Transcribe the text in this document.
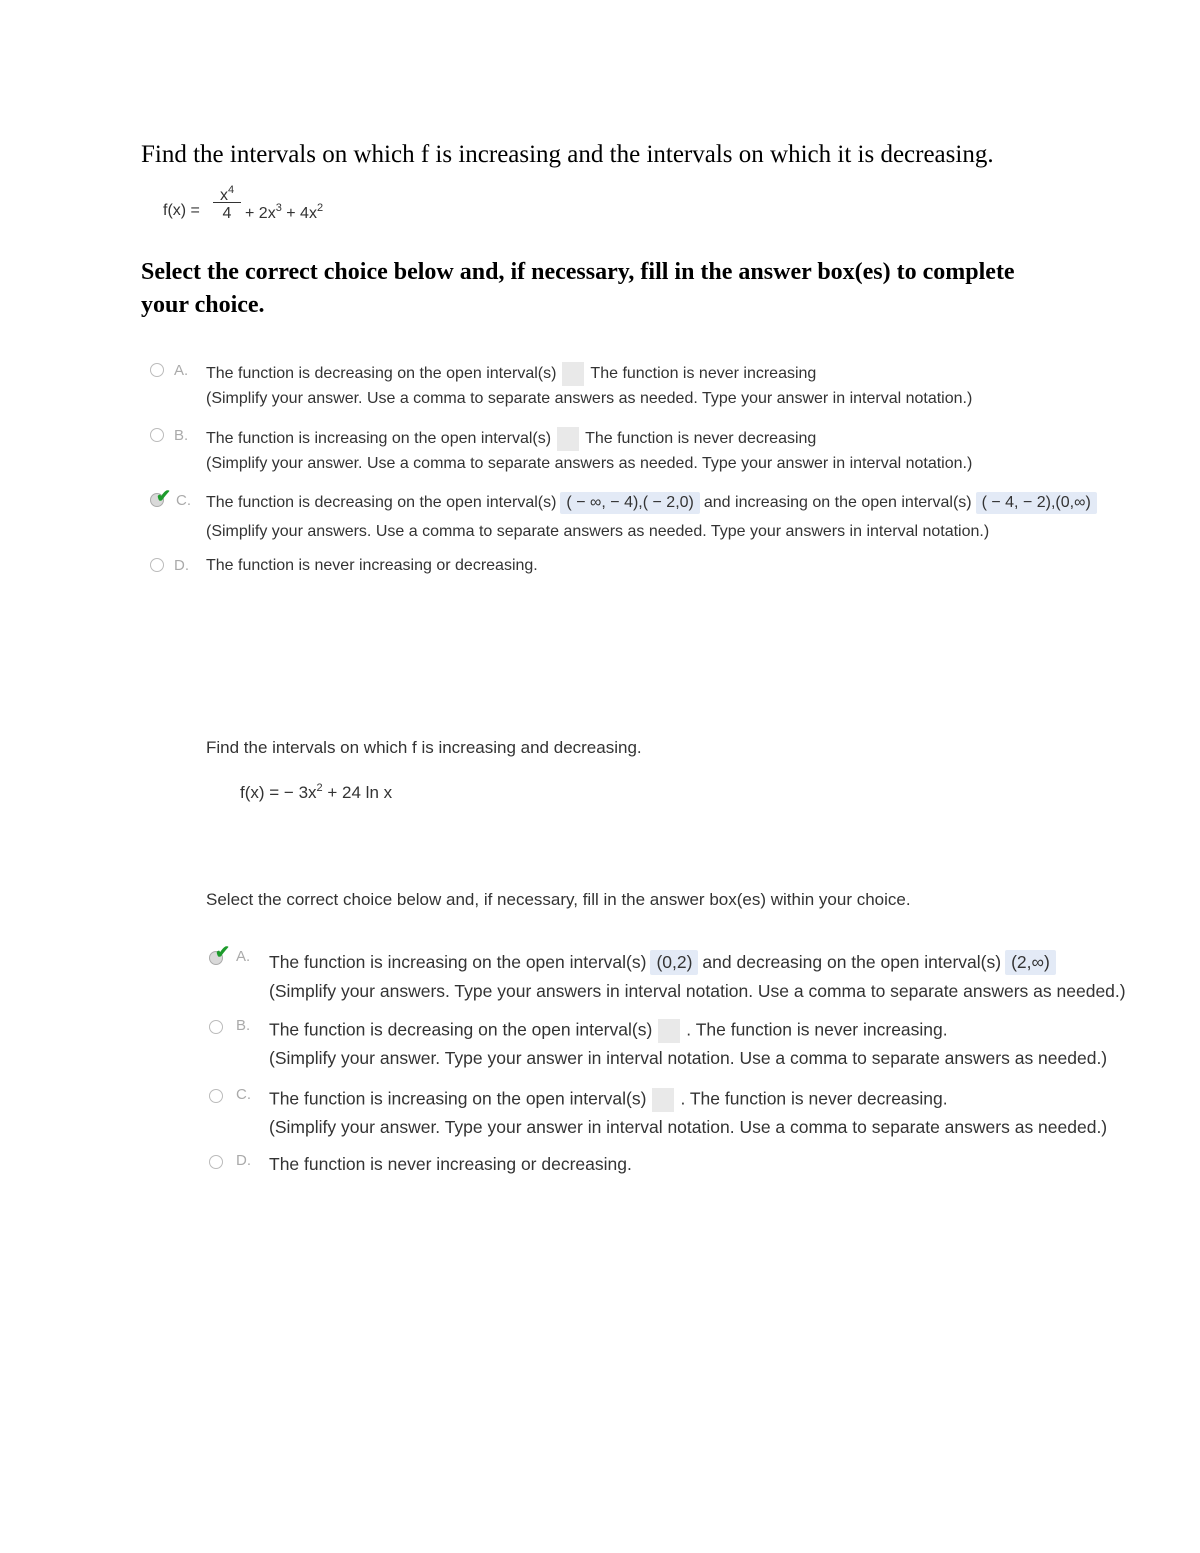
Find the intervals on which f is increasing and the intervals on which it is decreasing.
f(x) =
$x^4$
$4 + 2x^3 + 4x^2$
Select the correct choice below and, if necessary, fill in the answer box(es) to complete your choice.
A. The function is decreasing on the open interval(s) The function is never increasing
(Simplify your answer. Use a comma to separate answers as needed. Type your answer in interval notation.)
B. The function is increasing on the open interval(s) The function is never decreasing
(Simplify your answer. Use a comma to separate answers as needed. Type your answer in interval notation.)
✔ C. The function is decreasing on the open interval(s) ( − ∞, − 4),( − 2,0) and increasing on the open interval(s) ( − 4, − 2),(0,∞)
(Simplify your answers. Use a comma to separate answers as needed. Type your answers in interval notation.)
D. The function is never increasing or decreasing.
Find the intervals on which f is increasing and decreasing.
f(x) = − $3x^2 + 24$ ln x
Select the correct choice below and, if necessary, fill in the answer box(es) within your choice.
✔ A. The function is increasing on the open interval(s) (0,2) and decreasing on the open interval(s) (2,∞)
(Simplify your answers. Type your answers in interval notation. Use a comma to separate answers as needed.)
B. The function is decreasing on the open interval(s) . The function is never increasing.
(Simplify your answer. Type your answer in interval notation. Use a comma to separate answers as needed.)
C. The function is increasing on the open interval(s) . The function is never decreasing.
(Simplify your answer. Type your answer in interval notation. Use a comma to separate answers as needed.)
D. The function is never increasing or decreasing.
